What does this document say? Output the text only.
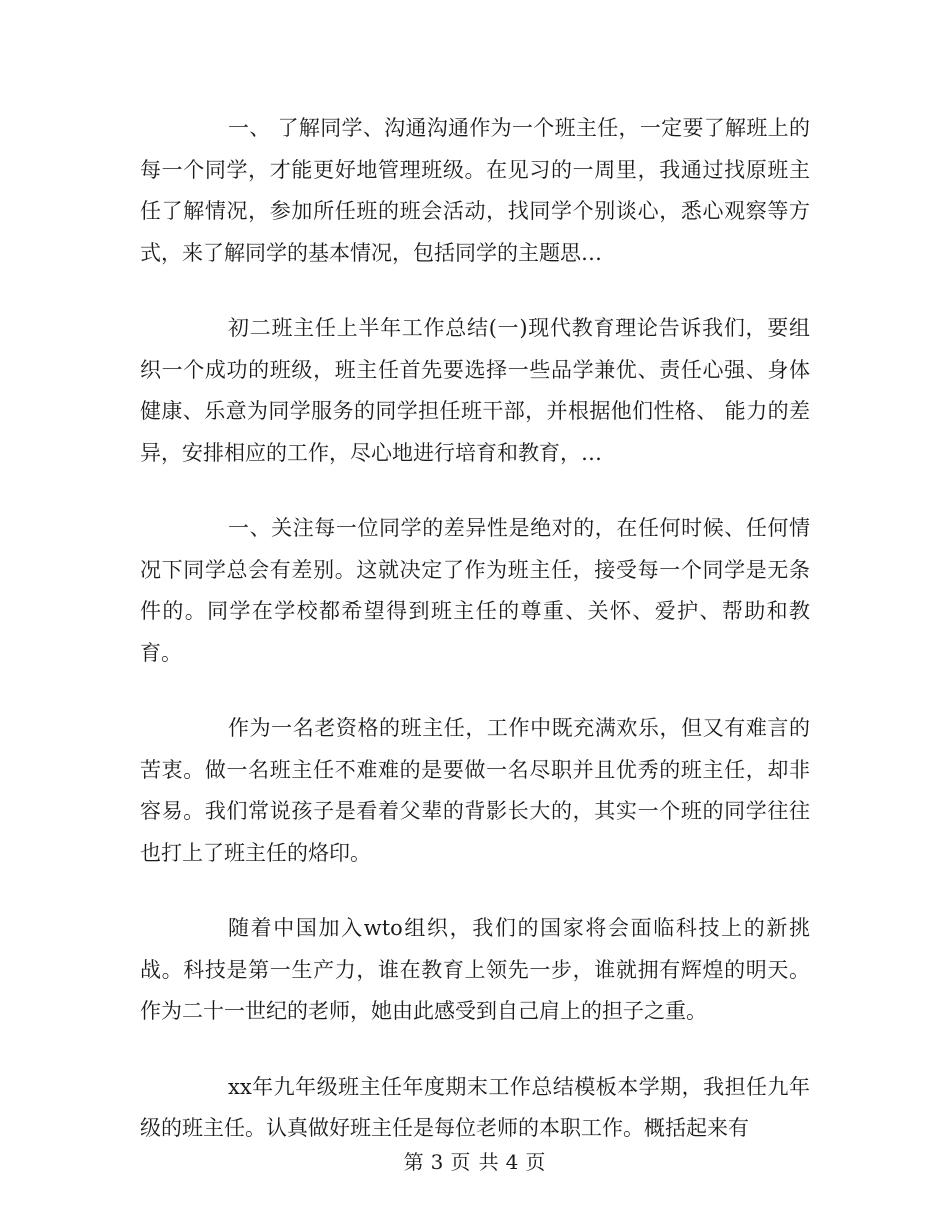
一、 了解同学、沟通沟通作为一个班主任，一定要了解班上的每一个同学，才能更好地管理班级。在见习的一周里，我通过找原班主任了解情况，参加所任班的班会活动，找同学个别谈心，悉心观察等方式，来了解同学的基本情况，包括同学的主题思…

初二班主任上半年工作总结(一)现代教育理论告诉我们，要组织一个成功的班级，班主任首先要选择一些品学兼优、责任心强、身体健康、乐意为同学服务的同学担任班干部，并根据他们性格、 能力的差异，安排相应的工作，尽心地进行培育和教育，…

一、关注每一位同学的差异性是绝对的，在任何时候、任何情况下同学总会有差别。这就决定了作为班主任，接受每一个同学是无条件的。同学在学校都希望得到班主任的尊重、关怀、爱护、帮助和教育。

作为一名老资格的班主任，工作中既充满欢乐，但又有难言的苦衷。做一名班主任不难难的是要做一名尽职并且优秀的班主任，却非容易。我们常说孩子是看着父辈的背影长大的，其实一个班的同学往往也打上了班主任的烙印。

随着中国加入wto组织，我们的国家将会面临科技上的新挑战。科技是第一生产力，谁在教育上领先一步，谁就拥有辉煌的明天。作为二十一世纪的老师，她由此感受到自己肩上的担子之重。

xx年九年级班主任年度期末工作总结模板本学期，我担任九年级的班主任。认真做好班主任是每位老师的本职工作。概括起来有

第 3 页 共 4 页
